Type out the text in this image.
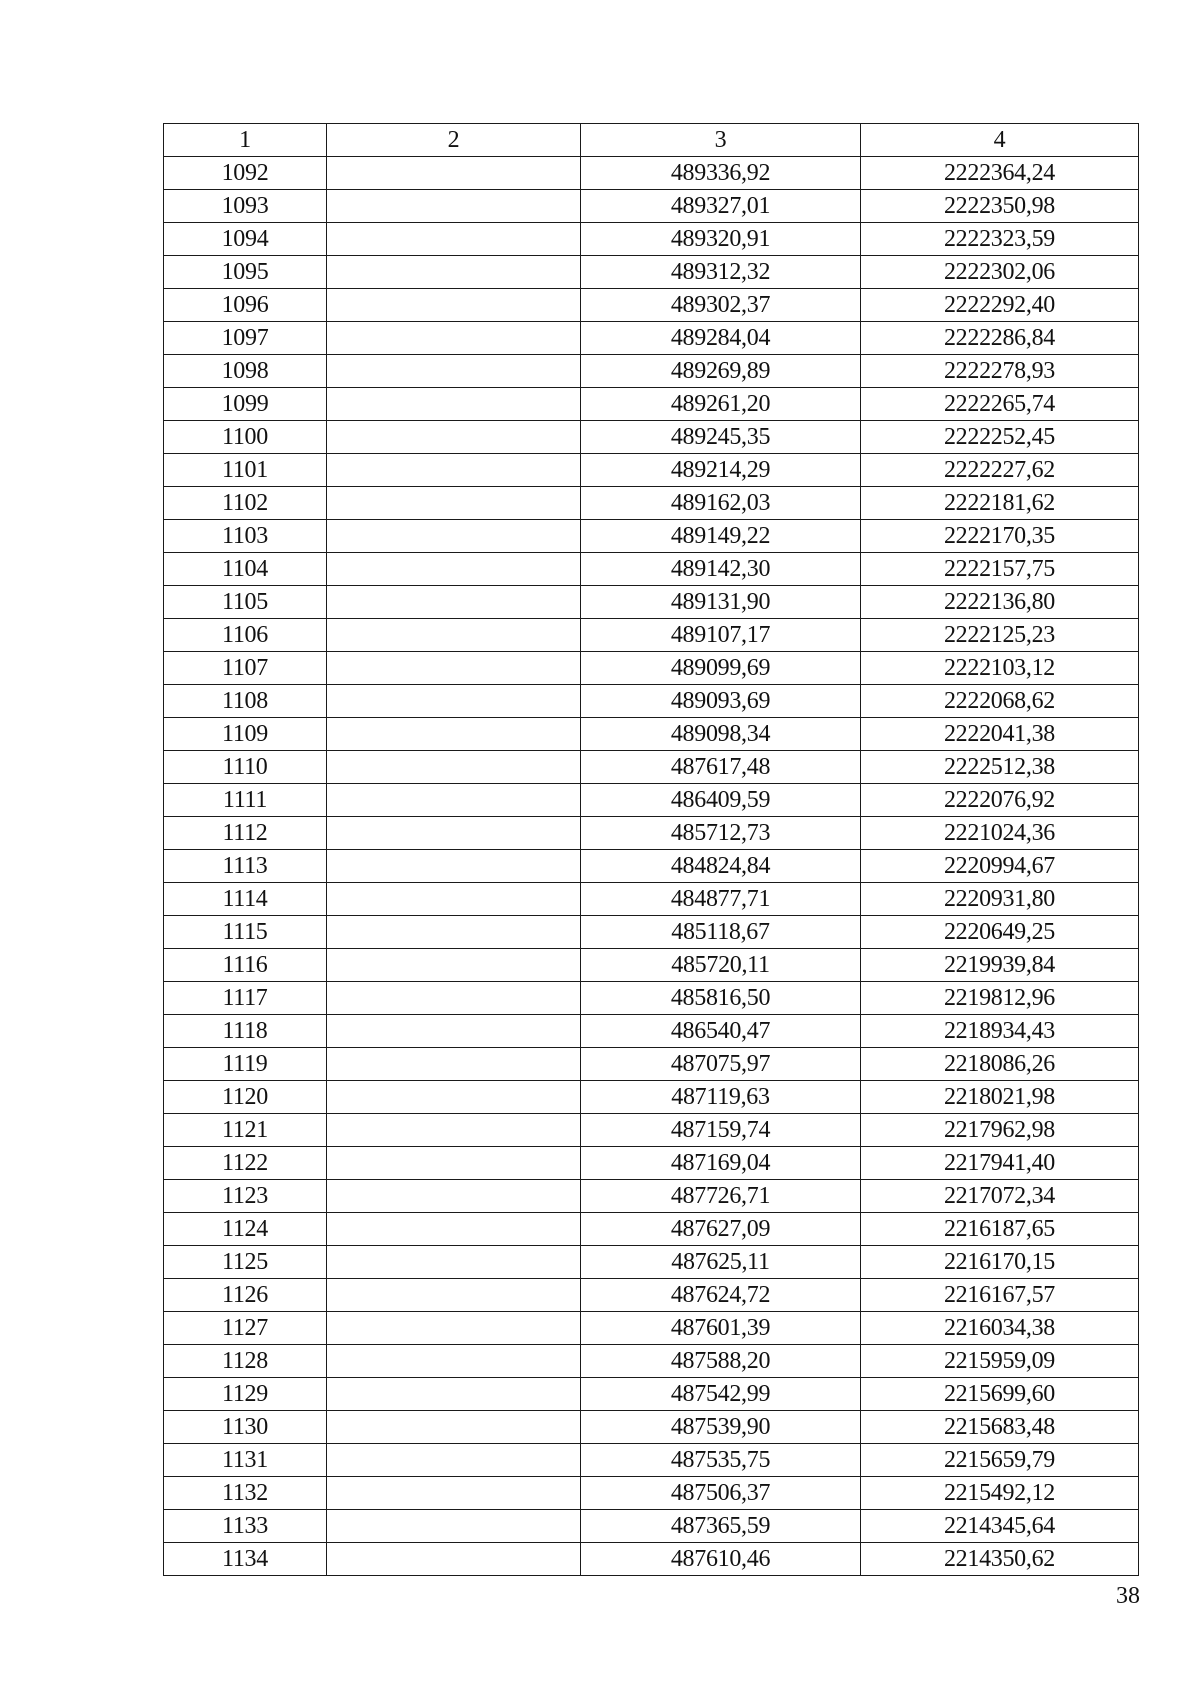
1	2	3	4
1092		489336,92	2222364,24
1093		489327,01	2222350,98
1094		489320,91	2222323,59
1095		489312,32	2222302,06
1096		489302,37	2222292,40
1097		489284,04	2222286,84
1098		489269,89	2222278,93
1099		489261,20	2222265,74
1100		489245,35	2222252,45
1101		489214,29	2222227,62
1102		489162,03	2222181,62
1103		489149,22	2222170,35
1104		489142,30	2222157,75
1105		489131,90	2222136,80
1106		489107,17	2222125,23
1107		489099,69	2222103,12
1108		489093,69	2222068,62
1109		489098,34	2222041,38
1110		487617,48	2222512,38
1111		486409,59	2222076,92
1112		485712,73	2221024,36
1113		484824,84	2220994,67
1114		484877,71	2220931,80
1115		485118,67	2220649,25
1116		485720,11	2219939,84
1117		485816,50	2219812,96
1118		486540,47	2218934,43
1119		487075,97	2218086,26
1120		487119,63	2218021,98
1121		487159,74	2217962,98
1122		487169,04	2217941,40
1123		487726,71	2217072,34
1124		487627,09	2216187,65
1125		487625,11	2216170,15
1126		487624,72	2216167,57
1127		487601,39	2216034,38
1128		487588,20	2215959,09
1129		487542,99	2215699,60
1130		487539,90	2215683,48
1131		487535,75	2215659,79
1132		487506,37	2215492,12
1133		487365,59	2214345,64
1134		487610,46	2214350,62
38
